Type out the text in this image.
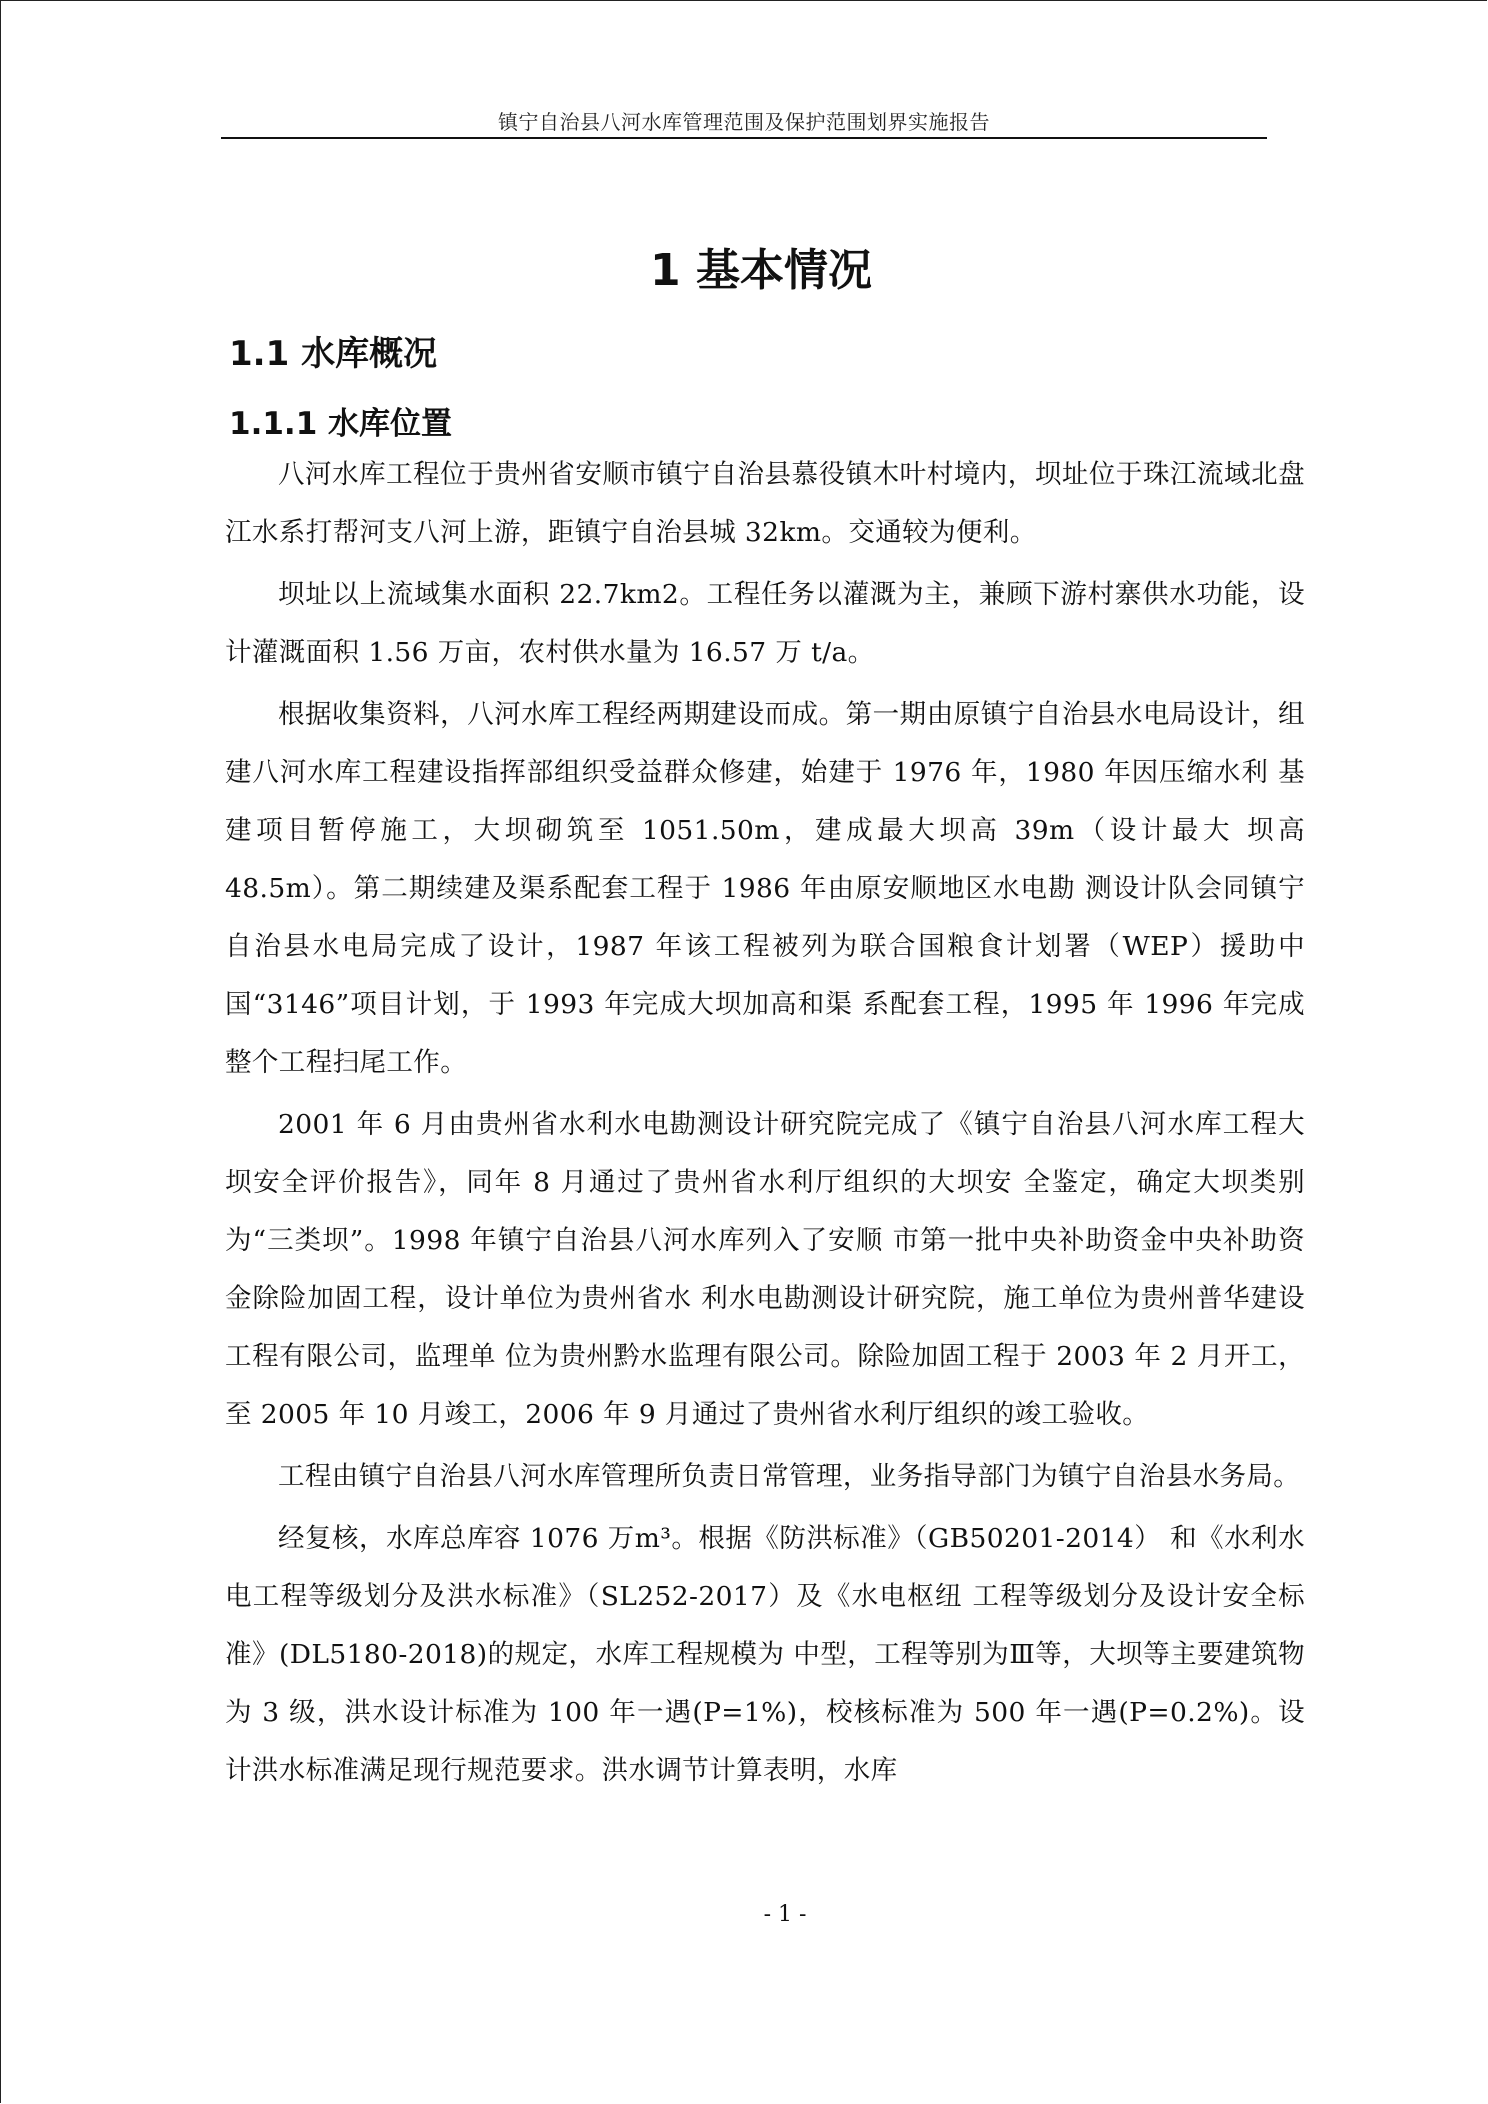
镇宁自治县八河水库管理范围及保护范围划界实施报告
1 基本情况
1.1 水库概况
1.1.1 水库位置

八河水库工程位于贵州省安顺市镇宁自治县慕役镇木叶村境内，坝址位于珠江流域北盘江水系打帮河支八河上游，距镇宁自治县城 32km。交通较为便利。

坝址以上流域集水面积 22.7km2。工程任务以灌溉为主，兼顾下游村寨供水功能，设计灌溉面积 1.56 万亩，农村供水量为 16.57 万 t/a。

根据收集资料，八河水库工程经两期建设而成。第一期由原镇宁自治县水电局设计，组建八河水库工程建设指挥部组织受益群众修建，始建于 1976 年，1980 年因压缩水利 基建项目暂停施工，大坝砌筑至 1051.50m，建成最大坝高 39m（设计最大 坝高 48.5m）。第二期续建及渠系配套工程于 1986 年由原安顺地区水电勘 测设计队会同镇宁自治县水电局完成了设计，1987 年该工程被列为联合国粮食计划署（WEP）援助中国“3146”项目计划，于 1993 年完成大坝加高和渠 系配套工程，1995 年 1996 年完成整个工程扫尾工作。

2001 年 6 月由贵州省水利水电勘测设计研究院完成了《镇宁自治县八河水库工程大坝安全评价报告》，同年 8 月通过了贵州省水利厅组织的大坝安 全鉴定，确定大坝类别为“三类坝”。1998 年镇宁自治县八河水库列入了安顺 市第一批中央补助资金中央补助资金除险加固工程，设计单位为贵州省水 利水电勘测设计研究院，施工单位为贵州普华建设工程有限公司，监理单 位为贵州黔水监理有限公司。除险加固工程于 2003 年 2 月开工，至 2005 年 10 月竣工，2006 年 9 月通过了贵州省水利厅组织的竣工验收。

工程由镇宁自治县八河水库管理所负责日常管理，业务指导部门为镇宁自治县水务局。

经复核，水库总库容 1076 万m³。根据《防洪标准》（GB50201-2014） 和《水利水电工程等级划分及洪水标准》（SL252-2017）及《水电枢纽 工程等级划分及设计安全标准》(DL5180-2018)的规定，水库工程规模为 中型，工程等别为Ⅲ等，大坝等主要建筑物为 3 级，洪水设计标准为 100 年一遇(P=1%)，校核标准为 500 年一遇(P=0.2%)。设计洪水标准满足现行规范要求。洪水调节计算表明，水库

- 1 -
